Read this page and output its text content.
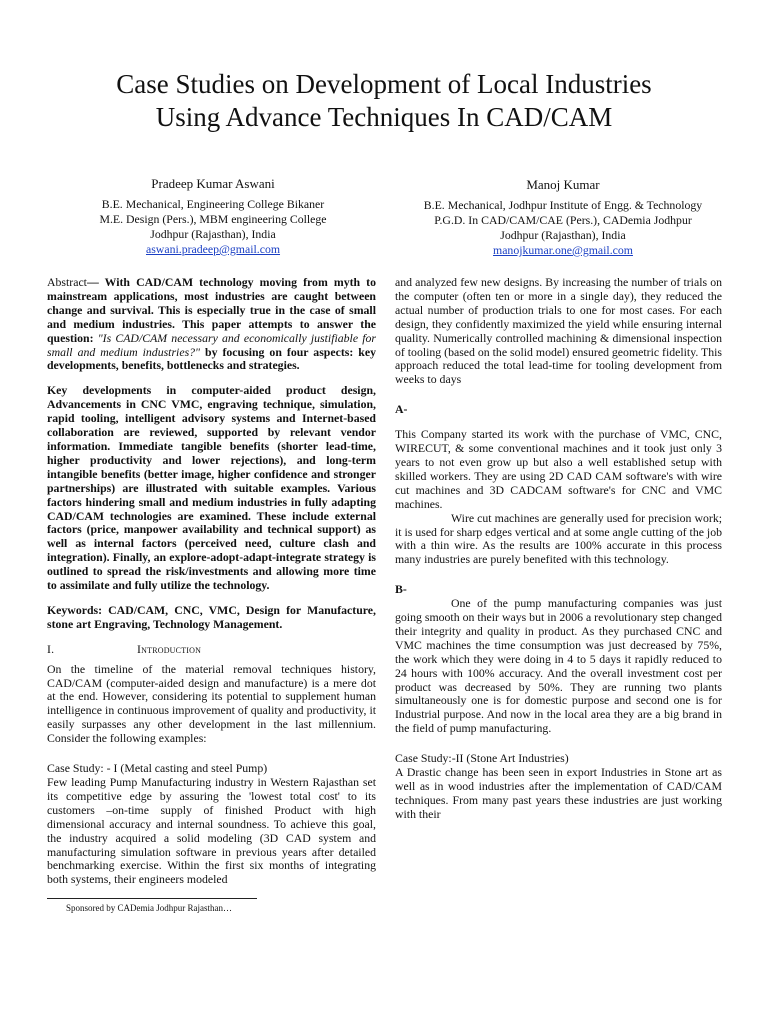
Case Studies on Development of Local Industries
Using Advance Techniques In CAD/CAM
Pradeep Kumar Aswani
B.E. Mechanical, Engineering College Bikaner
M.E. Design (Pers.), MBM engineering College
Jodhpur (Rajasthan), India
aswani.pradeep@gmail.com
Manoj Kumar
B.E. Mechanical, Jodhpur Institute of Engg. & Technology
P.G.D. In CAD/CAM/CAE (Pers.), CADemia Jodhpur
Jodhpur (Rajasthan), India
manojkumar.one@gmail.com

Abstract— With CAD/CAM technology moving from myth to mainstream applications, most industries are caught between change and survival. This is especially true in the case of small and medium industries. This paper attempts to answer the question: "Is CAD/CAM necessary and economically justifiable for small and medium industries?" by focusing on four aspects: key developments, benefits, bottlenecks and strategies.

Key developments in computer-aided product design, Advancements in CNC VMC, engraving technique, simulation, rapid tooling, intelligent advisory systems and Internet-based collaboration are reviewed, supported by relevant vendor information. Immediate tangible benefits (shorter lead-time, higher productivity and lower rejections), and long-term intangible benefits (better image, higher confidence and stronger partnerships) are illustrated with suitable examples. Various factors hindering small and medium industries in fully adapting CAD/CAM technologies are examined. These include external factors (price, manpower availability and technical support) as well as internal factors (perceived need, culture clash and integration). Finally, an explore-adopt-adapt-integrate strategy is outlined to spread the risk/investments and allowing more time to assimilate and fully utilize the technology.

Keywords: CAD/CAM, CNC, VMC, Design for Manufacture, stone art Engraving, Technology Management.

I.	Introduction

On the timeline of the material removal techniques history, CAD/CAM (computer-aided design and manufacture) is a mere dot at the end. However, considering its potential to supplement human intelligence in continuous improvement of quality and productivity, it easily surpasses any other development in the last millennium. Consider the following examples:

Case Study: - I (Metal casting and steel Pump)

Few leading Pump Manufacturing industry in Western Rajasthan set its competitive edge by assuring the 'lowest total cost' to its customers –on-time supply of finished Product with high dimensional accuracy and internal soundness. To achieve this goal, the industry acquired a solid modeling (3D CAD system and manufacturing simulation software in previous years after detailed benchmarking exercise. Within the first six months of integrating both systems, their engineers modeled

and analyzed few new designs. By increasing the number of trials on the computer (often ten or more in a single day), they reduced the actual number of production trials to one for most cases. For each design, they confidently maximized the yield while ensuring internal quality. Numerically controlled machining & dimensional inspection of tooling (based on the solid model) ensured geometric fidelity. This approach reduced the total lead-time for tooling development from weeks to days

A-

This Company started its work with the purchase of VMC, CNC, WIRECUT, & some conventional machines and it took just only 3 years to not even grow up but also a well established setup with skilled workers. They are using 2D CAD CAM software's with wire cut machines and 3D CADCAM software's for CNC and VMC machines.

Wire cut machines are generally used for precision work; it is used for sharp edges vertical and at some angle cutting of the job with a thin wire. As the results are 100% accurate in this process many industries are purely benefited with this technology.

B-

One of the pump manufacturing companies was just going smooth on their ways but in 2006 a revolutionary step changed their integrity and quality in product. As they purchased CNC and VMC machines the time consumption was just decreased by 75%, the work which they were doing in 4 to 5 days it rapidly reduced to 24 hours with 100% accuracy. And the overall investment cost per product was decreased by 50%. They are running two plants simultaneously one is for domestic purpose and second one is for Industrial purpose. And now in the local area they are a big brand in the field of pump manufacturing.

Case Study:-II (Stone Art Industries)

A Drastic change has been seen in export Industries in Stone art as well as in wood industries after the implementation of CAD/CAM techniques. From many past years these industries are just working with their

Sponsored by CADemia Jodhpur Rajasthan…
